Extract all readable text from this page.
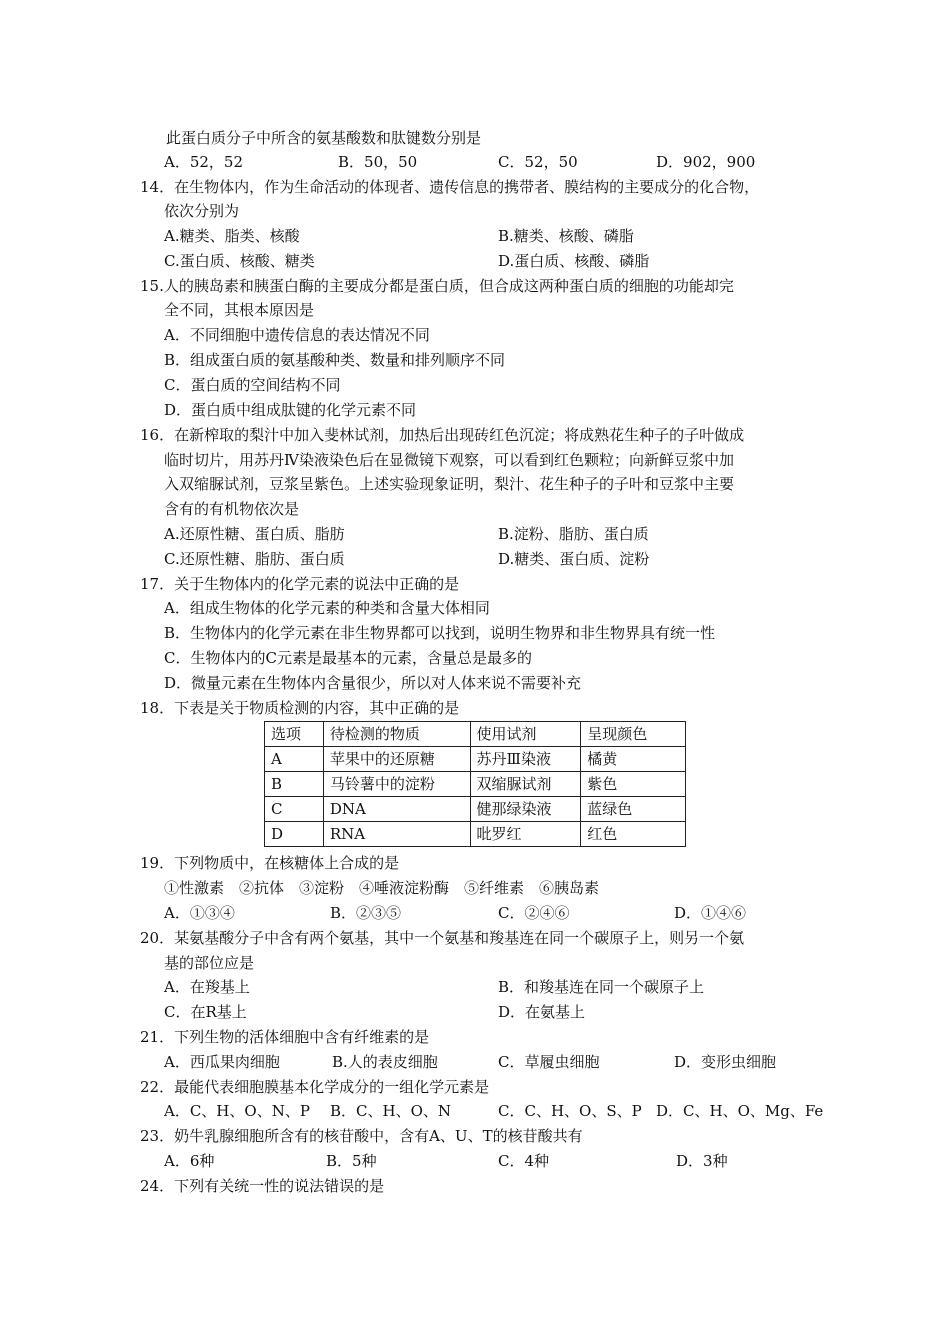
此蛋白质分子中所含的氨基酸数和肽键数分别是
A．52，52	B．50，50	C．52，50	D．902，900
14．在生物体内，作为生命活动的体现者、遗传信息的携带者、膜结构的主要成分的化合物，
依次分别为
A.糖类、脂类、核酸	B.糖类、核酸、磷脂
C.蛋白质、核酸、糖类	D.蛋白质、核酸、磷脂
15.人的胰岛素和胰蛋白酶的主要成分都是蛋白质，但合成这两种蛋白质的细胞的功能却完
全不同，其根本原因是
A．不同细胞中遗传信息的表达情况不同
B．组成蛋白质的氨基酸种类、数量和排列顺序不同
C．蛋白质的空间结构不同
D．蛋白质中组成肽键的化学元素不同
16．在新榨取的梨汁中加入斐林试剂，加热后出现砖红色沉淀；将成熟花生种子的子叶做成
临时切片，用苏丹Ⅳ染液染色后在显微镜下观察，可以看到红色颗粒；向新鲜豆浆中加
入双缩脲试剂，豆浆呈紫色。上述实验现象证明，梨汁、花生种子的子叶和豆浆中主要
含有的有机物依次是
A.还原性糖、蛋白质、脂肪	B.淀粉、脂肪、蛋白质
C.还原性糖、脂肪、蛋白质	D.糖类、蛋白质、淀粉
17．关于生物体内的化学元素的说法中正确的是
A．组成生物体的化学元素的种类和含量大体相同
B．生物体内的化学元素在非生物界都可以找到，说明生物界和非生物界具有统一性
C．生物体内的C元素是最基本的元素，含量总是最多的
D．微量元素在生物体内含量很少，所以对人体来说不需要补充
18．下表是关于物质检测的内容，其中正确的是
选项	待检测的物质	使用试剂	呈现颜色
A	苹果中的还原糖	苏丹Ⅲ染液	橘黄
B	马铃薯中的淀粉	双缩脲试剂	紫色
C	DNA	健那绿染液	蓝绿色
D	RNA	吡罗红	红色
19．下列物质中，在核糖体上合成的是
①性激素　②抗体　③淀粉　④唾液淀粉酶　⑤纤维素　⑥胰岛素
A．①③④	B．②③⑤	C．②④⑥	D．①④⑥
20．某氨基酸分子中含有两个氨基，其中一个氨基和羧基连在同一个碳原子上，则另一个氨
基的部位应是
A．在羧基上	B．和羧基连在同一个碳原子上
C．在R基上	D．在氨基上
21．下列生物的活体细胞中含有纤维素的是
A．西瓜果肉细胞	B.人的表皮细胞	C．草履虫细胞	D．变形虫细胞
22．最能代表细胞膜基本化学成分的一组化学元素是
A．C、H、O、N、P B．C、H、O、N	C．C、H、O、S、P D．C、H、O、Mg、Fe
23．奶牛乳腺细胞所含有的核苷酸中，含有A、U、T的核苷酸共有
A．6种	B．5种	C．4种	D．3种
24．下列有关统一性的说法错误的是
